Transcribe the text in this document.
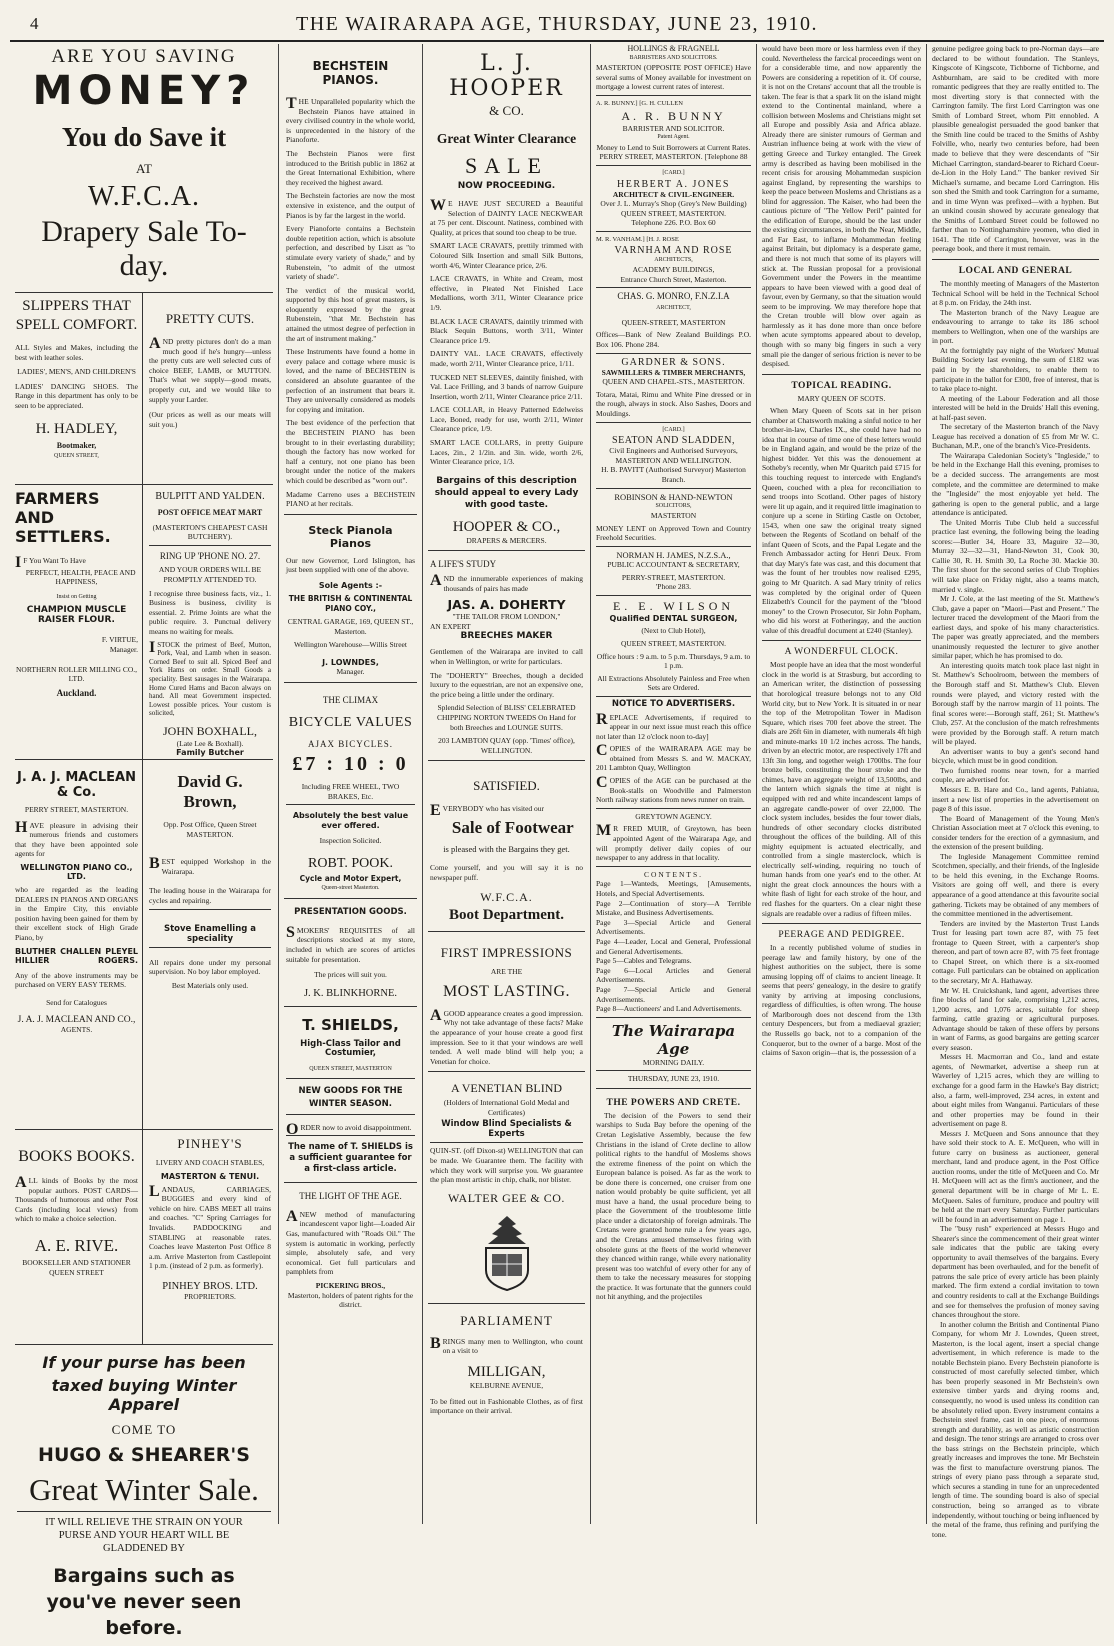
4	THE WAIRARAPA AGE, THURSDAY, JUNE 23, 1910.
ARE YOU SAVING
MONEY?
You do Save it
AT
W.F.C.A.
Drapery Sale To-day.
SLIPPERS THAT SPELL COMFORT.
ALL Styles and Makes, including the best with leather soles.
LADIES', MEN'S, AND CHILDREN'S
LADIES' DANCING SHOES. The Range in this department has only to be seen to be appreciated.
H. HADLEY,
Bootmaker,
QUEEN STREET,
PRETTY CUTS.
AND pretty pictures don't do a man much good if he's hungry—unless the pretty cuts are well selected cuts of choice BEEF, LAMB, or MUTTON. That's what we supply—good meats, properly cut, and we would like to supply your Larder.
(Our prices as well as our meats will suit you.)
FARMERS AND SETTLERS.
IF You Want To Have
PERFECT, HEALTH, PEACE AND HAPPINESS,
Insist on Getting
CHAMPION MUSCLE RAISER FLOUR.
F. VIRTUE,
Manager.
NORTHERN ROLLER MILLING CO., LTD.
Auckland.
BULPITT AND YALDEN.
POST OFFICE MEAT MART
(MASTERTON'S CHEAPEST CASH BUTCHERY).
RING UP 'PHONE NO. 27.
AND YOUR ORDERS WILL BE PROMPTLY ATTENDED TO.
I recognise three business facts, viz., 1. Business is business, civility is essential. 2. Prime Joints are what the public require. 3. Punctual delivery means no waiting for meals.
ISTOCK the primest of Beef, Mutton, Pork, Veal, and Lamb when in season. Corned Beef to suit all. Spiced Beef and York Hams on order. Small Goods a speciality. Best sausages in the Wairarapa. Home Cured Hams and Bacon always on hand. All meat Government inspected. Lowest possible prices. Your custom is solicited,
JOHN BOXHALL,
(Late Lee & Boxhall).
Family Butcher
J. A. J. MACLEAN & Co.
PERRY STREET, MASTERTON.
HAVE pleasure in advising their numerous friends and customers that they have been appointed sole agents for
WELLINGTON PIANO CO., LTD.
who are regarded as the leading DEALERS IN PIANOS AND ORGANS in the Empire City, this enviable position having been gained for them by their excellent stock of High Grade Piano, by
BLUTHER CHALLEN PLEYEL
HILLIER	ROGERS.
Any of the above instruments may be purchased on VERY EASY TERMS.
Send for Catalogues
J. A. J. MACLEAN AND CO.,
AGENTS.
David G. Brown,
Opp. Post Office, Queen Street MASTERTON.
BEST equipped Workshop in the Wairarapa.
The leading house in the Wairarapa for cycles and repairing.
Stove Enamelling a speciality
All repairs done under my personal supervision. No boy labor employed.
Best Materials only used.
BOOKS BOOKS.
ALL kinds of Books by the most popular authors. POST CARDS—Thousands of humorous and other Post Cards (including local views) from which to make a choice selection.
A. E. RIVE.
BOOKSELLER AND STATIONER
QUEEN STREET
PINHEY'S
LIVERY AND COACH STABLES,
MASTERTON & TENUI.
LANDAUS, CARRIAGES, BUGGIES and every kind of vehicle on hire. CABS MEET all trains and coaches. "C" Spring Carriages for Invalids. PADDOCKING and STABLING at reasonable rates. Coaches leave Masterton Post Office 8 a.m. Arrive Masterton from Castlepoint 1 p.m. (instead of 2 p.m. as formerly).
PINHEY BROS. LTD.
PROPRIETORS.
If your purse has been
taxed buying Winter Apparel
COME TO
HUGO & SHEARER'S
Great Winter Sale.
IT WILL RELIEVE THE STRAIN ON YOUR PURSE AND YOUR HEART WILL BE GLADDENED BY
Bargains such as you've never seen before.
BECHSTEIN PIANOS.
THE Unparalleled popularity which the Bechstein Pianos have attained in every civilised country in the whole world, is unprecedented in the history of the Pianoforte.
The Bechstein Pianos were first introduced to the British public in 1862 at the Great International Exhibition, where they received the highest award.
The Bechstein factories are now the most extensive in existence, and the output of Pianos is by far the largest in the world.
Every Pianoforte contains a Bechstein double repetition action, which is absolute perfection, and described by Liszt as "to stimulate every variety of shade," and by Rubenstein, "to admit of the utmost variety of shade".
The verdict of the musical world, supported by this host of great masters, is eloquently expressed by the great Rubenstein, "that Mr. Bechstein has attained the utmost degree of perfection in the art of instrument making."
These Instruments have found a home in every palace and cottage where music is loved, and the name of BECHSTEIN is considered an absolute guarantee of the perfection of an instrument that bears it. They are universally considered as models for copying and imitation.
The best evidence of the perfection that the BECHSTEIN PIANO has been brought to in their everlasting durability; though the factory has now worked for half a century, not one piano has been brought under the notice of the makers which could be described as "worn out".
Madame Carreno uses a BECHSTEIN PIANO at her recitals.
Steck Pianola Pianos
Our new Governor, Lord Islington, has just been supplied with one of the above.
Sole Agents :-
THE BRITISH & CONTINENTAL PIANO COY.,
CENTRAL GARAGE, 169, QUEEN ST., Masterton.
Wellington Warehouse—Willis Street
J. LOWNDES,
Manager.
THE CLIMAX
BICYCLE VALUES
AJAX BICYCLES.
£7 : 10 : 0
Including FREE WHEEL, TWO BRAKES, Etc.
Absolutely the best value ever offered.
Inspection Solicited.
ROBT. POOK.
Cycle and Motor Expert,
Queen-street Masterton.
PRESENTATION GOODS.
SMOKERS' REQUISITES of all descriptions stocked at my store, included in which are scores of articles suitable for presentation.
The prices will suit you.
J. K. BLINKHORNE.
T. SHIELDS,
High-Class Tailor and Costumier,
QUEEN STREET, MASTERTON
NEW GOODS FOR THE WINTER SEASON.
ORDER now to avoid disappointment.
The name of T. SHIELDS is a sufficient guarantee for a first-class article.
THE LIGHT OF THE AGE.
ANEW method of manufacturing incandescent vapor light—Loaded Air Gas, manufactured with "Roads Oil." The system is automatic in working, perfectly simple, absolutely safe, and very economical. Get full particulars and pamphlets from
PICKERING BROS.,
Masterton, holders of patent rights for the district.
L. J. HOOPER
& CO.
Great Winter Clearance
SALE
NOW PROCEEDING.
WE HAVE JUST SECURED a Beautiful Selection of DAINTY LACE NECKWEAR at 75 per cent. Discount. Natiness, combined with Quality, at prices that sound too cheap to be true.
SMART LACE CRAVATS, prettily trimmed with Coloured Silk Insertion and small Silk Buttons, worth 4/6, Winter Clearance price, 2/6.
LACE CRAVATS, in White and Cream, most effective, in Pleated Net Finished Lace Medallions, worth 3/11, Winter Clearance price 1/9.
BLACK LACE CRAVATS, daintily trimmed with Black Sequin Buttons, worth 3/11, Winter Clearance price 1/9.
DAINTY VAL. LACE CRAVATS, effectively made, worth 2/11, Winter Clearance price, 1/11.
TUCKED NET SLEEVES, daintily finished, with Val. Lace Frilling, and 3 bands of narrow Guipure Insertion, worth 2/11, Winter Clearance price 2/11.
LACE COLLAR, in Heavy Patterned Edelweiss Lace, Boned, ready for use, worth 2/11, Winter Clearance price, 1/9.
SMART LACE COLLARS, in pretty Guipure Laces, 2in., 2 1/2in. and 3in. wide, worth 2/6, Winter Clearance price, 1/3.
Bargains of this description should appeal to every Lady with good taste.
HOOPER & CO.,
DRAPERS & MERCERS.
A LIFE'S STUDY
AND the innumerable experiences of making thousands of pairs has made
JAS. A. DOHERTY
"THE TAILOR FROM LONDON,"
AN EXPERT
BREECHES MAKER
Gentlemen of the Wairarapa are invited to call when in Wellington, or write for particulars.
The "DOHERTY" Breeches, though a decided luxury to the equestrian, are not an expensive one, the price being a little under the ordinary.
Splendid Selection of BLISS' CELEBRATED CHIPPING NORTON TWEEDS On Hand for both Breeches and LOUNGE SUITS.
203 LAMBTON QUAY (opp. 'Times' office), WELLINGTON.
SATISFIED.
EVERYBODY who has visited our
Sale of Footwear
is pleased with the Bargains they get.
Come yourself, and you will say it is no newspaper puff.
W.F.C.A.
Boot Department.
FIRST IMPRESSIONS
ARE THE
MOST LASTING.
AGOOD appearance creates a good impression. Why not take advantage of these facts? Make the appearance of your house create a good first impression. See to it that your windows are well tended. A well made blind will help you; a Venetian for choice.
A VENETIAN BLIND
(Holders of International Gold Medal and Certificates)
Window Blind Specialists & Experts
QUIN-ST. (off Dixon-st) WELLINGTON that can be made. We Guarantee them. The facility with which they work will surprise you. We guarantee the plan most artistic in chip, chalk, nor blister.
WALTER GEE & CO.
PARLIAMENT
BRINGS many men to Wellington, who count on a visit to
MILLIGAN,
KELBURNE AVENUE,
To be fitted out in Fashionable Clothes, as of first importance on their arrival.
HOLLINGS & FRAGNELL
BARRISTERS AND SOLICITORS.
MASTERTON (OPPOSITE POST OFFICE) Have several sums of Money available for investment on mortgage a lowest current rates of interest.
A. R. BUNNY.] [G. H. CULLEN
A. R. BUNNY
BARRISTER AND SOLICITOR.
Patent Agent.
Money to Lend to Suit Borrowers at Current Rates.
PERRY STREET, MASTERTON. [Telephone 88
[CARD.]
HERBERT A. JONES
ARCHITECT & CIVIL-ENGINEER.
Over J. L. Murray's Shop (Grey's New Building)
QUEEN STREET, MASTERTON.
Telephone 226. P.O. Box 60
M. R. VANHAM.] [H. J. ROSE
VARNHAM AND ROSE
ARCHITECTS,
ACADEMY BUILDINGS,
Entrance Church Street, Masterton.
CHAS. G. MONRO, F.N.Z.I.A
ARCHITECT,
QUEEN-STREET, MASTERTON
Offices—Bank of New Zealand Buildings P.O. Box 106. Phone 284.
GARDNER & SONS.
SAWMILLERS & TIMBER MERCHANTS,
QUEEN AND CHAPEL-STS., MASTERTON.
Totara, Matai, Rimu and White Pine dressed or in the rough, always in stock. Also Sashes, Doors and Mouldings.
[CARD.]
SEATON AND SLADDEN,
Civil Engineers and Authorised Surveyors,
MASTERTON AND WELLINGTON.
H. B. PAVITT (Authorised Surveyor) Masterton Branch.
ROBINSON & HAND-NEWTON
SOLICITORS,
MASTERTON
MONEY LENT on Approved Town and Country Freehold Securities.
NORMAN H. JAMES, N.Z.S.A.,
PUBLIC ACCOUNTANT & SECRETARY,
PERRY-STREET, MASTERTON.
'Phone 283.
E. E. WILSON
Qualified DENTAL SURGEON,
(Next to Club Hotel),
QUEEN STREET, MASTERTON.
Office hours : 9 a.m. to 5 p.m. Thursdays, 9 a.m. to 1 p.m.
All Extractions Absolutely Painless and Free when Sets are Ordered.
NOTICE TO ADVERTISERS.
REPLACE Advertisements, if required to appear in our next issue must reach this office not later than 12 o'clock noon to-day]
COPIES of the WAIRARAPA AGE may be obtained from Messrs S. and W. MACKAY, 201 Lambton Quay, Wellington
COPIES of the AGE can be purchased at the Book-stalls on Woodville and Palmerston North railway stations from news runner on train.
GREYTOWN AGENCY.
MR FRED MUIR, of Greytown, has been appointed Agent of the Wairarapa Age, and will promptly deliver daily copies of our newspaper to any address in that locality.
CONTENTS.
Page 1—Wanteds, Meetings, [Amusements, Hotels, and Special Advertisements.
Page 2—Continuation of story—A Terrible Mistake, and Business Advertisements.
Page 3—Special Article and General Advertisements.
Page 4—Leader, Local and General, Professional and General Advertisements.
Page 5—Cables and Telegrams.
Page 6—Local Articles and General Advertisements.
Page 7—Special Article and General Advertisements.
Page 8—Auctioneers' and Land Advertisements.
The Wairarapa Age
MORNING DAILY.
THURSDAY, JUNE 23, 1910.
THE POWERS AND CRETE.
The decision of the Powers to send their warships to Suda Bay before the opening of the Cretan Legislative Assembly, because the few Christians in the island of Crete decline to allow political rights to the handful of Moslems shows the extreme fineness of the point on which the European balance is poised. As far as the work to be done there is concerned, one cruiser from one nation would probably be quite sufficient, yet all must have a hand, the usual procedure being to place the Government of the troublesome little place under a dictatorship of foreign admirals. The Cretans were granted home rule a few years ago, and the Cretans amused themselves firing with obsolete guns at the fleets of the world whenever they chanced within range, while every nationality present was too watchful of every other for any of them to take the necessary measures for stopping the practice. It was fortunate that the gunners could not hit anything, and the projectiles
would have been more or less harmless even if they could. Nevertheless the farcical proceedings went on for a considerable time, and now apparently the Powers are considering a repetition of it. Of course, it is not on the Cretans' account that all the trouble is taken. The fear is that a spark lit on the island might extend to the Continental mainland, where a collision between Moslems and Christians might set all Europe and possibly Asia and Africa ablaze. Already there are sinister rumours of German and Austrian influence being at work with the view of getting Greece and Turkey entangled. The Greek army is described as having been mobilised in the recent crisis for arousing Mohammedan suspicion against England, by representing the warships to keep the peace between Moslems and Christians as a blind for aggression. The Kaiser, who had been the cautious picture of "The Yellow Peril" painted for the edification of Europe, should be the last under the existing circumstances, in both the Near, Middle, and Far East, to inflame Mohammedan feeling against Britain, but diplomacy is a desperate game, and there is not much that some of its players will stick at. The Russian proposal for a provisional Government under the Powers in the meantime appears to have been viewed with a good deal of favour, even by Germany, so that the situation would seem to be improving. We may therefore hope that the Cretan trouble will blow over again as harmlessly as it has done more than once before when acute symptoms appeared about to develop, though with so many big fingers in such a very small pie the danger of serious friction is never to be despised.
TOPICAL READING.
MARY QUEEN OF SCOTS.
When Mary Queen of Scots sat in her prison chamber at Chatsworth making a sinful notice to her brother-in-law, Charles IX., she could have had no idea that in course of time one of these letters would be in England again, and would be the prize of the highest bidder. Yet this was the denouement at Sotheby's recently, when Mr Quaritch paid £715 for this touching request to intercede with England's Queen, couched with a plea for reconciliation to send troops into Scotland. Other pages of history were lit up again, and it required little imagination to conjure up a scene in Stirling Castle on October, 1543, when one saw the original treaty signed between the Regents of Scotland on behalf of the infant Queen of Scots, and the Papal Legate and the French Ambassador acting for Henri Deux. From that day Mary's fate was cast, and this document that was the fount of her troubles now realised £295, going to Mr Quaritch. A sad Mary trinity of relics was completed by the original order of Queen Elizabeth's Council for the payment of the "blood money" to the Crown Prosecutor, Sir John Popham, who did his worst at Fotheringay, and the auction value of this dreadful document at £240 (Stanley).
A WONDERFUL CLOCK.
Most people have an idea that the most wonderful clock in the world is at Strasburg, but according to an American writer, the distinction of possessing that horological treasure belongs not to any Old World city, but to New York. It is situated in or near the top of the Metropolitan Tower in Madison Square, which rises 700 feet above the street. The dials are 26ft 6in in diameter, with numerals 4ft high and minute-marks 10 1/2 inches across. The hands, driven by an electric motor, are respectively 17ft and 13ft 3in long, and together weigh 1700lbs. The four bronze bells, constituting the hour stroke and the chimes, have an aggregate weight of 13,500lbs, and the lantern which signals the time at night is equipped with red and white incandescent lamps of an aggregate candle-power of over 22,000. The clock system includes, besides the four tower dials, hundreds of other secondary clocks distributed throughout the offices of the building. All of this mighty equipment is actuated electrically, and controlled from a single masterclock, which is electrically self-winding, requiring no touch of human hands from one year's end to the other. At night the great clock announces the hours with a white flash of light for each stroke of the hour, and red flashes for the quarters. On a clear night these signals are readable over a radius of fifteen miles.
PEERAGE AND PEDIGREE.
In a recently published volume of studies in peerage law and family history, by one of the highest authorities on the subject, there is some amusing lopping off of claims to ancient lineage. It seems that peers' genealogy, in the desire to gratify vanity by arriving at imposing conclusions, regardless of difficulties, is often wrong. The house of Marlborough does not descend from the 13th century Despencers, but from a mediaeval grazier; the Russells go back, not to a companion of the Conqueror, but to the owner of a barge. Most of the claims of Saxon origin—that is, the possession of a
genuine pedigree going back to pre-Norman days—are declared to be without foundation. The Stanleys, Kingscote of Kingscote, Tichborne of Tichborne, and Ashburnham, are said to be credited with more romantic pedigrees that they are really entitled to. The most diverting story is that connected with the Carrington family. The first Lord Carrington was one Smith of Lombard Street, whom Pitt ennobled. A plausible genealogist persuaded the good banker that the Smith line could be traced to the Smiths of Ashby Folville, who, nearly two centuries before, had been made to believe that they were descendants of "Sir Michael Carrington, standard-bearer to Richard Coeur-de-Lion in the Holy Land." The banker revived Sir Michael's surname, and became Lord Carrington. His son shed the Smith and took Carrington for a surname, and in time Wynn was prefixed—with a hyphen. But an unkind cousin showed by accurate genealogy that the Smiths of Lombard Street could be followed no farther than to Nottinghamshire yeomen, who died in 1641. The title of Carrington, however, was in the peerage book, and there it must remain.
LOCAL AND GENERAL
The monthly meeting of Managers of the Masterton Technical School will be held in the Technical School at 8 p.m. on Friday, the 24th inst.
The Masterton branch of the Navy League are endeavouring to arrange to take its 186 school members to Wellington, when one of the warships are in port.
At the fortnightly pay night of the Workers' Mutual Building Society last evening, the sum of £182 was paid in by the shareholders, to enable them to participate in the ballot for £300, free of interest, that is to take place to-night.
A meeting of the Labour Federation and all those interested will be held in the Druids' Hall this evening, at half-past seven.
The secretary of the Masterton branch of the Navy League has received a donation of £5 from Mr W. C. Buchanan, M.P., one of the branch's Vice-Presidents.
The Wairarapa Caledonian Society's "Ingleside," to be held in the Exchange Hall this evening, promises to be a decided success. The arrangements are most complete, and the committee are determined to make the "Ingleside" the most enjoyable yet held. The gathering is open to the general public, and a large attendance is anticipated.
The United Morris Tube Club held a successful practice last evening, the following being the leading scores:—Butler 34, Hoare 33, Maguire 32—30, Murray 32—32—31, Hand-Newton 31, Cook 30, Callie 30, R. H. Smith 30, La Roche 30. Mackie 30. The first shoot for the second series of Club Trophies will take place on Friday night, also a teams match, married v. single.
Mr J. Cole, at the last meeting of the St. Matthew's Club, gave a paper on "Maori—Past and Present." The lecturer traced the development of the Maori from the earliest days, and spoke of his many characteristics. The paper was greatly appreciated, and the members unanimously requested the lecturer to give another similar paper, which he has promised to do.
An interesting quoits match took place last night in St. Matthew's Schoolroom, between the members of the Borough staff and St. Matthew's Club. Eleven rounds were played, and victory rested with the Borough staff by the narrow margin of 11 points. The final scores were:—Borough staff, 261; St. Matthew's Club, 257. At the conclusion of the match refreshments were provided by the Borough staff. A return match will be played.
An advertiser wants to buy a gent's second hand bicycle, which must be in good condition.
Two furnished rooms near town, for a married couple, are advertised for.
Messrs E. B. Hare and Co., land agents, Pahiatua, insert a new list of properties in the advertisement on page 8 of this issue.
The Board of Management of the Young Men's Christian Association meet at 7 o'clock this evening, to consider tenders for the erection of a gymnasium, and the extension of the present building.
The Ingleside Management Committee remind Scotchmen, specially, and their friends, of the Ingleside to be held this evening, in the Exchange Rooms. Visitors are going off well, and there is every appearance of a good attendance at this favourite social gathering. Tickets may be obtained of any members of the committee mentioned in the advertisement.
Tenders are invited by the Masterton Trust Lands Trust for leasing part town acre 87, with 75 feet frontage to Queen Street, with a carpenter's shop thereon, and part of town acre 87, with 75 feet frontage to Chapel Street, on which there is a six-roomed cottage. Full particulars can be obtained on application to the secretary, Mr A. Hathaway.
Mr W. H. Cruickshank, land agent, advertises three fine blocks of land for sale, comprising 1,212 acres, 1,200 acres, and 1,076 acres, suitable for sheep farming, cattle grazing or agricultural purposes. Advantage should be taken of these offers by persons in want of Farms, as good bargains are getting scarcer every season.
Messrs H. Macmorran and Co., land and estate agents, of Newmarket, advertise a sheep run at Waverley of 1,215 acres, which they are willing to exchange for a good farm in the Hawke's Bay district; also, a farm, well-improved, 234 acres, in extent and about eight miles from Wanganui. Particulars of these and other properties may be found in their advertisement on page 8.
Messrs J. McQueen and Sons announce that they have sold their stock to A. E. McQueen, who will in future carry on business as auctioneer, general merchant, land and produce agent, in the Post Office auction rooms, under the title of McQueen and Co. Mr H. McQueen will act as the firm's auctioneer, and the general department will be in charge of Mr L. E. McQueen. Sales of furniture, produce and poultry will be held at the mart every Saturday. Further particulars will be found in an advertisement on page 1.
The "busy rush" experienced at Messrs Hugo and Shearer's since the commencement of their great winter sale indicates that the public are taking every opportunity to avail themselves of the bargains. Every department has been overhauled, and for the benefit of patrons the sale price of every article has been plainly marked. The firm extend a cordial invitation to town and country residents to call at the Exchange Buildings and see for themselves the profusion of money saving chances throughout the store.
In another column the British and Continental Piano Company, for whom Mr J. Lowndes, Queen street, Masterton, is the local agent, insert a special change advertisement, in which reference is made to the notable Bechstein piano. Every Bechstein pianoforte is constructed of most carefully selected timber, which has been properly seasoned in Mr Bechstein's own extensive timber yards and drying rooms and, consequently, no wood is used unless its condition can be absolutely relied upon. Every instrument contains a Bechstein steel frame, cast in one piece, of enormous strength and durability, as well as artistic construction and design. The tenor strings are arranged to cross over the bass strings on the Bechstein principle, which greatly increases and improves the tone. Mr Bechstein was the first to manufacture overstrung pianos. The strings of every piano pass through a separate stud, which secures a standing in tune for an unprecedented length of time. The sounding board is also of special construction, being so arranged as to vibrate independently, without touching or being influenced by the metal of the frame, thus refining and purifying the tone.
